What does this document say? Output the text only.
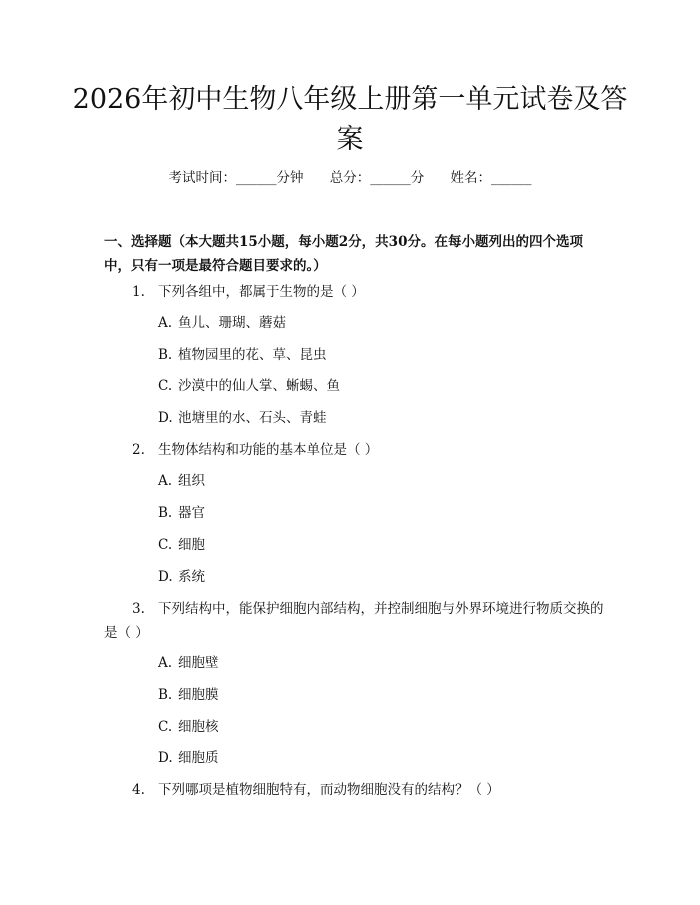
2026年初中生物八年级上册第一单元试卷及答案
考试时间：______分钟 总分：______分 姓名：______

一、选择题（本大题共15小题，每小题2分，共30分。在每小题列出的四个选项中，只有一项是最符合题目要求的。）

1. 下列各组中，都属于生物的是（ ）
A. 鱼儿、珊瑚、蘑菇
B. 植物园里的花、草、昆虫
C. 沙漠中的仙人掌、蜥蜴、鱼
D. 池塘里的水、石头、青蛙
2. 生物体结构和功能的基本单位是（ ）
A. 组织
B. 器官
C. 细胞
D. 系统
3. 下列结构中，能保护细胞内部结构，并控制细胞与外界环境进行物质交换的是（ ）
A. 细胞壁
B. 细胞膜
C. 细胞核
D. 细胞质
4. 下列哪项是植物细胞特有，而动物细胞没有的结构？（ ）
